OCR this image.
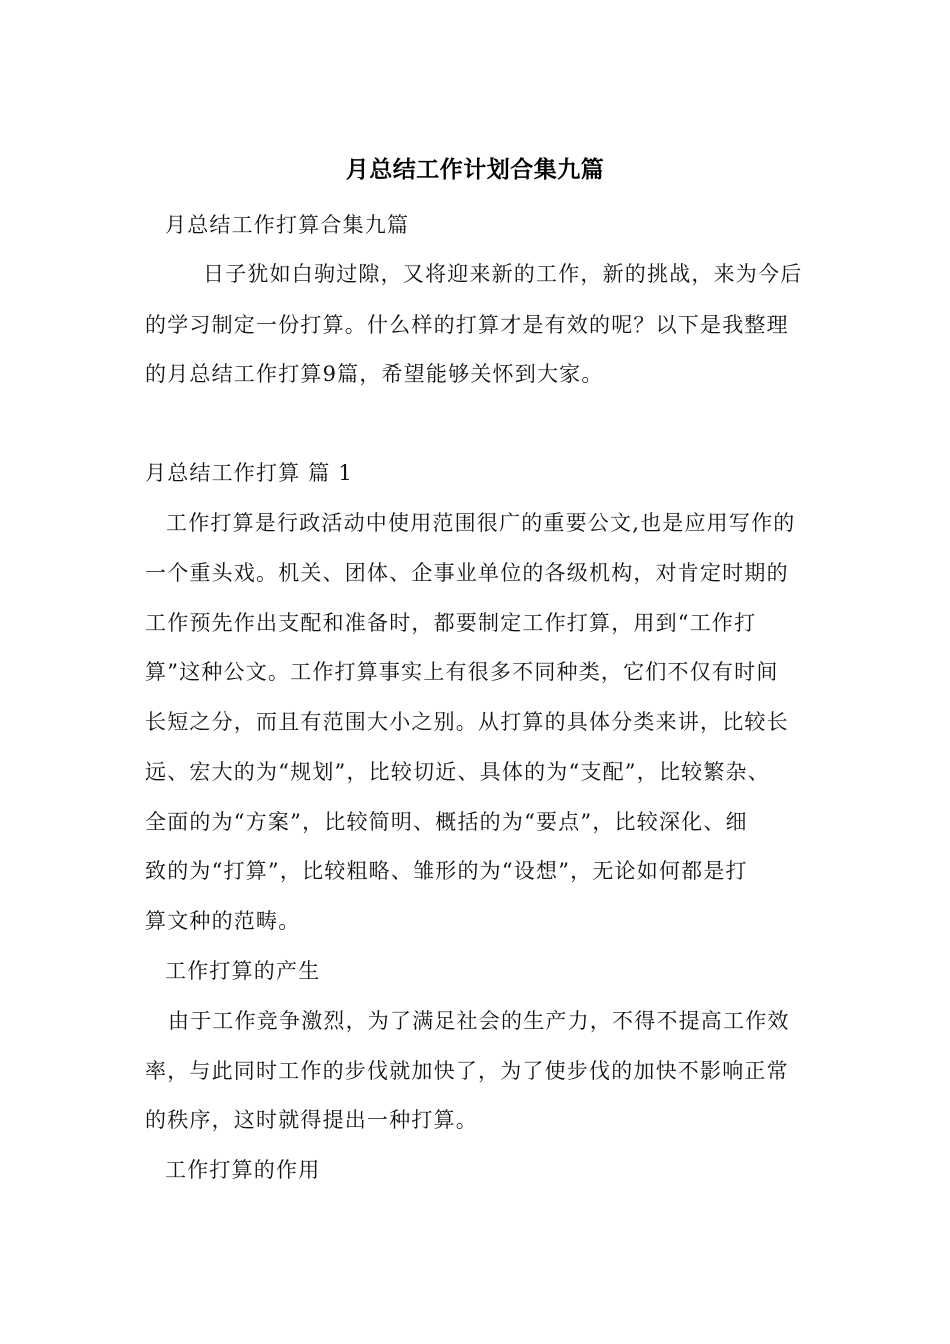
月总结工作计划合集九篇
月总结工作打算合集九篇
日子犹如白驹过隙，又将迎来新的工作，新的挑战，来为今后
的学习制定一份打算。什么样的打算才是有效的呢？以下是我整理
的月总结工作打算9篇，希望能够关怀到大家。
月总结工作打算 篇 1
工作打算是行政活动中使用范围很广的重要公文,也是应用写作的
一个重头戏。机关、团体、企事业单位的各级机构，对肯定时期的
工作预先作出支配和准备时，都要制定工作打算，用到“工作打
算”这种公文。工作打算事实上有很多不同种类，它们不仅有时间
长短之分，而且有范围大小之别。从打算的具体分类来讲，比较长
远、宏大的为“规划”，比较切近、具体的为“支配”，比较繁杂、
全面的为“方案”，比较简明、概括的为“要点”，比较深化、细
致的为“打算”，比较粗略、雏形的为“设想”，无论如何都是打
算文种的范畴。
工作打算的产生
由于工作竞争激烈，为了满足社会的生产力，不得不提高工作效
率，与此同时工作的步伐就加快了，为了使步伐的加快不影响正常
的秩序，这时就得提出一种打算。
工作打算的作用
